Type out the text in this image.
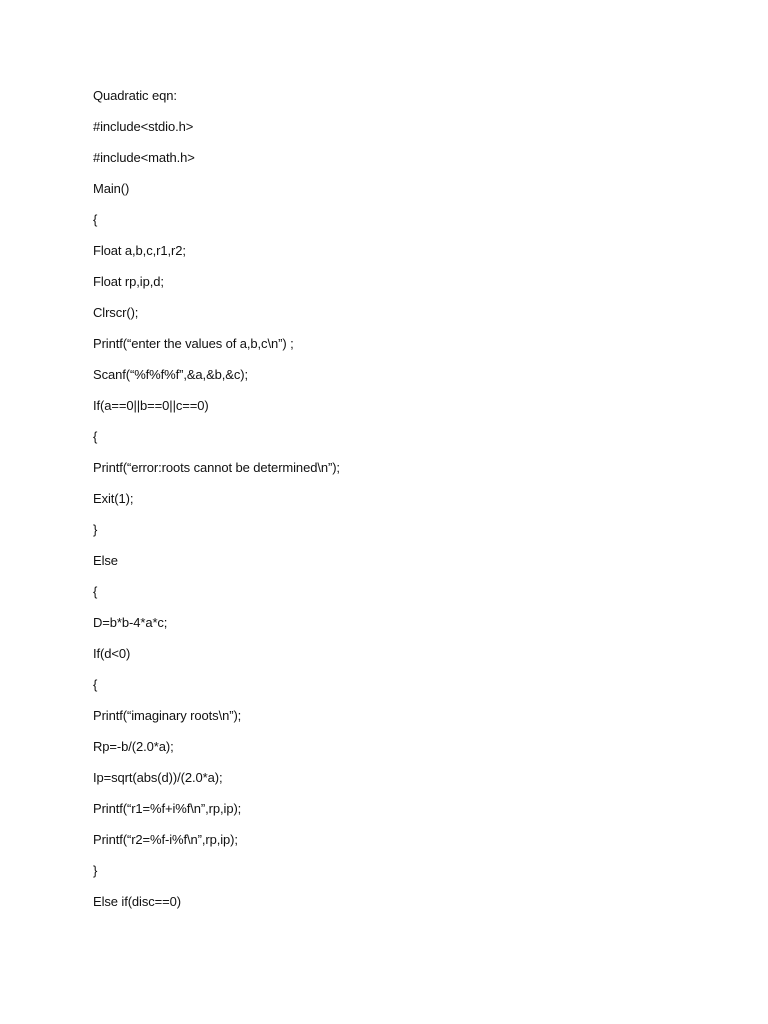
Quadratic eqn:
#include<stdio.h>
#include<math.h>
Main()
{
Float a,b,c,r1,r2;
Float rp,ip,d;
Clrscr();
Printf(“enter the values of a,b,c\n”) ;
Scanf(“%f%f%f”,&a,&b,&c);
If(a==0||b==0||c==0)
{
Printf(“error:roots cannot be determined\n”);
Exit(1);
}
Else
{
D=b*b-4*a*c;
If(d<0)
{
Printf(“imaginary roots\n”);
Rp=-b/(2.0*a);
Ip=sqrt(abs(d))/(2.0*a);
Printf(“r1=%f+i%f\n”,rp,ip);
Printf(“r2=%f-i%f\n”,rp,ip);
}
Else if(disc==0)
